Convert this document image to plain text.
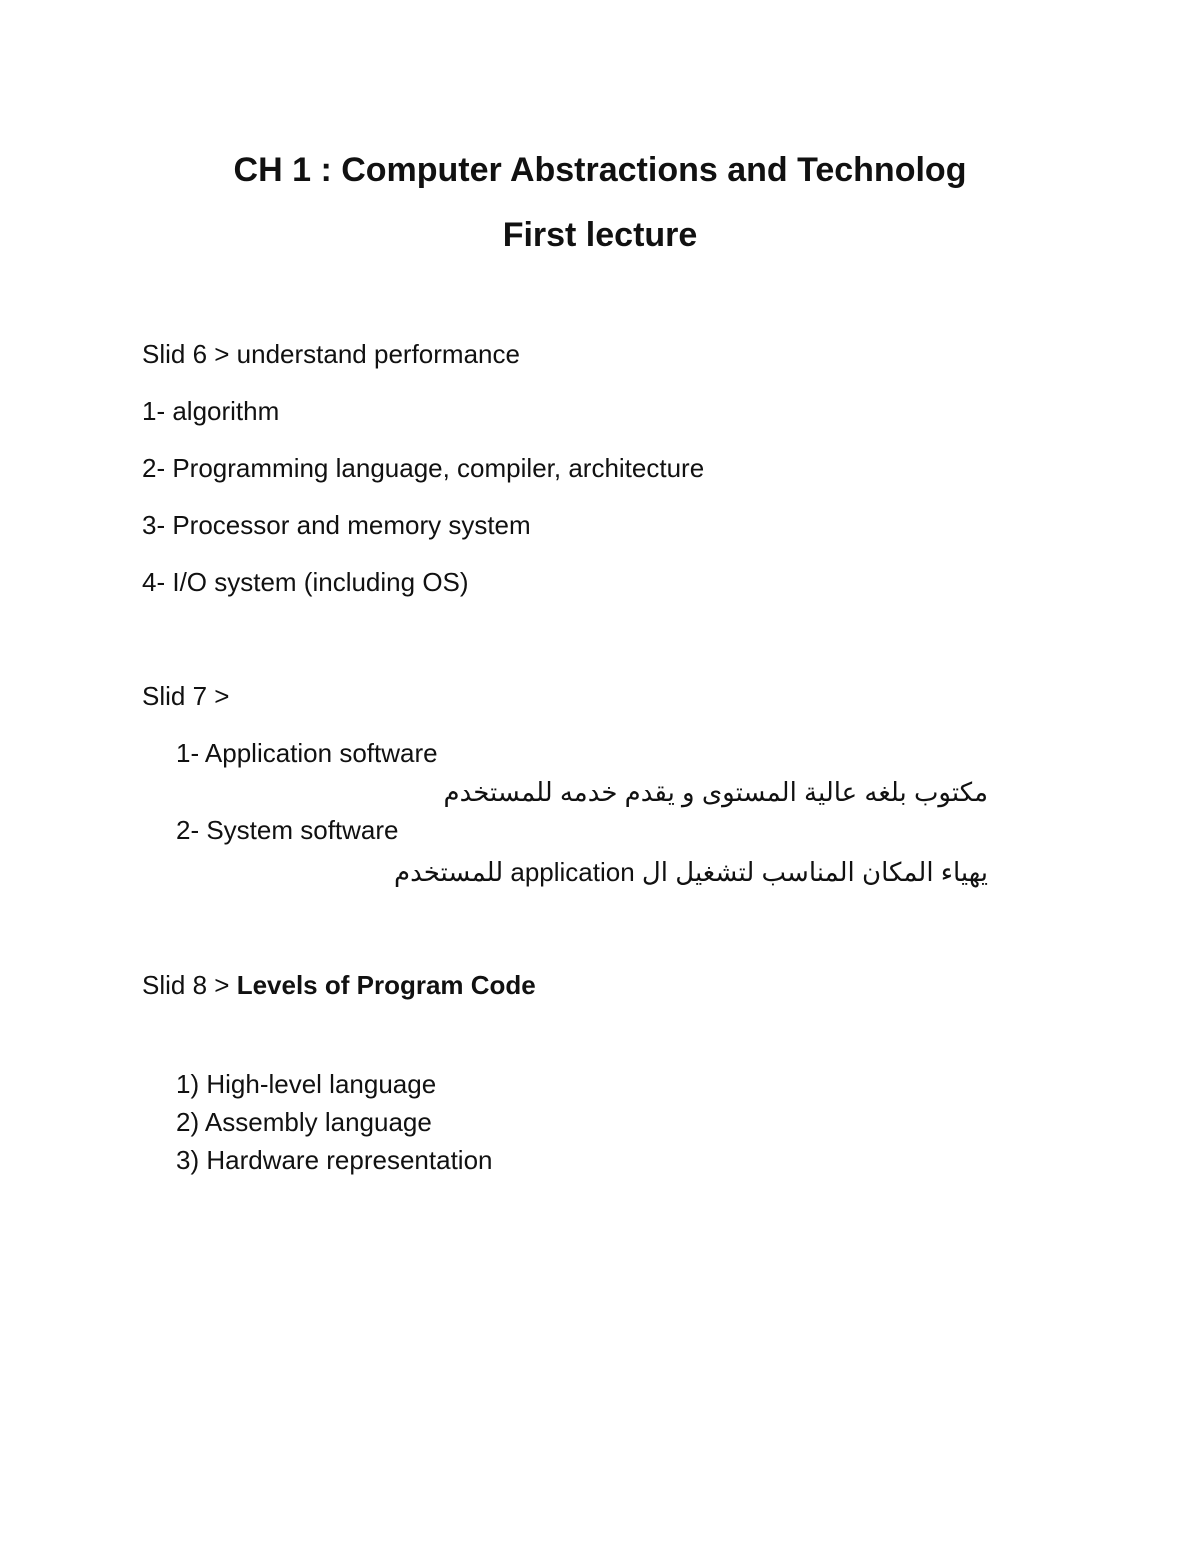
CH 1 : Computer Abstractions and Technolog
First lecture
Slid 6 > understand performance
1- algorithm
2- Programming language, compiler, architecture
3- Processor and memory system
4- I/O system (including OS)
Slid 7 >
1- Application software
مكتوب بلغه عالية المستوى و يقدم خدمه للمستخدم
2- System software
يهياء المكان المناسب لتشغيل ال application للمستخدم
Slid 8 > Levels of Program Code
1) High-level language
2) Assembly language
3) Hardware representation
